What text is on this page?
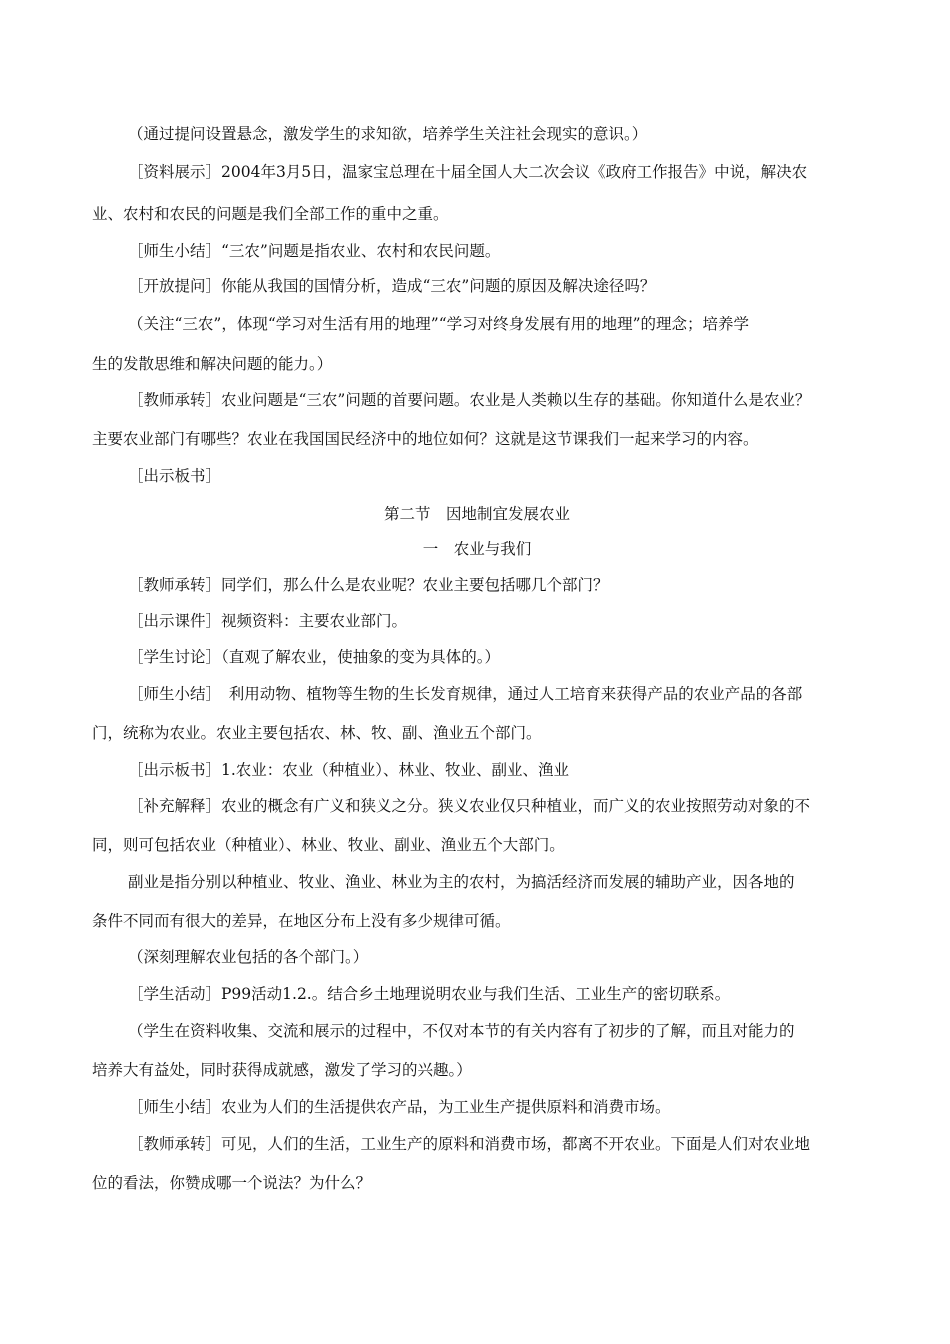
（通过提问设置悬念，激发学生的求知欲，培养学生关注社会现实的意识。）
［资料展示］2004年3月5日，温家宝总理在十届全国人大二次会议《政府工作报告》中说，解决农
业、农村和农民的问题是我们全部工作的重中之重。
［师生小结］“三农”问题是指农业、农村和农民问题。
［开放提问］你能从我国的国情分析，造成“三农”问题的原因及解决途径吗？
（关注“三农”，体现“学习对生活有用的地理”“学习对终身发展有用的地理”的理念；培养学
生的发散思维和解决问题的能力。）
［教师承转］农业问题是“三农”问题的首要问题。农业是人类赖以生存的基础。你知道什么是农业？
主要农业部门有哪些？农业在我国国民经济中的地位如何？这就是这节课我们一起来学习的内容。
［出示板书］
第二节　因地制宜发展农业
一　农业与我们
［教师承转］同学们，那么什么是农业呢？农业主要包括哪几个部门？
［出示课件］视频资料：主要农业部门。
［学生讨论］（直观了解农业，使抽象的变为具体的。）
［师生小结］　利用动物、植物等生物的生长发育规律，通过人工培育来获得产品的农业产品的各部
门，统称为农业。农业主要包括农、林、牧、副、渔业五个部门。
［出示板书］1.农业：农业（种植业）、林业、牧业、副业、渔业
［补充解释］农业的概念有广义和狭义之分。狭义农业仅只种植业，而广义的农业按照劳动对象的不
同，则可包括农业（种植业）、林业、牧业、副业、渔业五个大部门。
副业是指分别以种植业、牧业、渔业、林业为主的农村，为搞活经济而发展的辅助产业，因各地的
条件不同而有很大的差异，在地区分布上没有多少规律可循。
（深刻理解农业包括的各个部门。）
［学生活动］P99活动1.2.。结合乡土地理说明农业与我们生活、工业生产的密切联系。
（学生在资料收集、交流和展示的过程中，不仅对本节的有关内容有了初步的了解，而且对能力的
培养大有益处，同时获得成就感，激发了学习的兴趣。）
［师生小结］农业为人们的生活提供农产品，为工业生产提供原料和消费市场。
［教师承转］可见，人们的生活，工业生产的原料和消费市场，都离不开农业。下面是人们对农业地
位的看法，你赞成哪一个说法？为什么？
